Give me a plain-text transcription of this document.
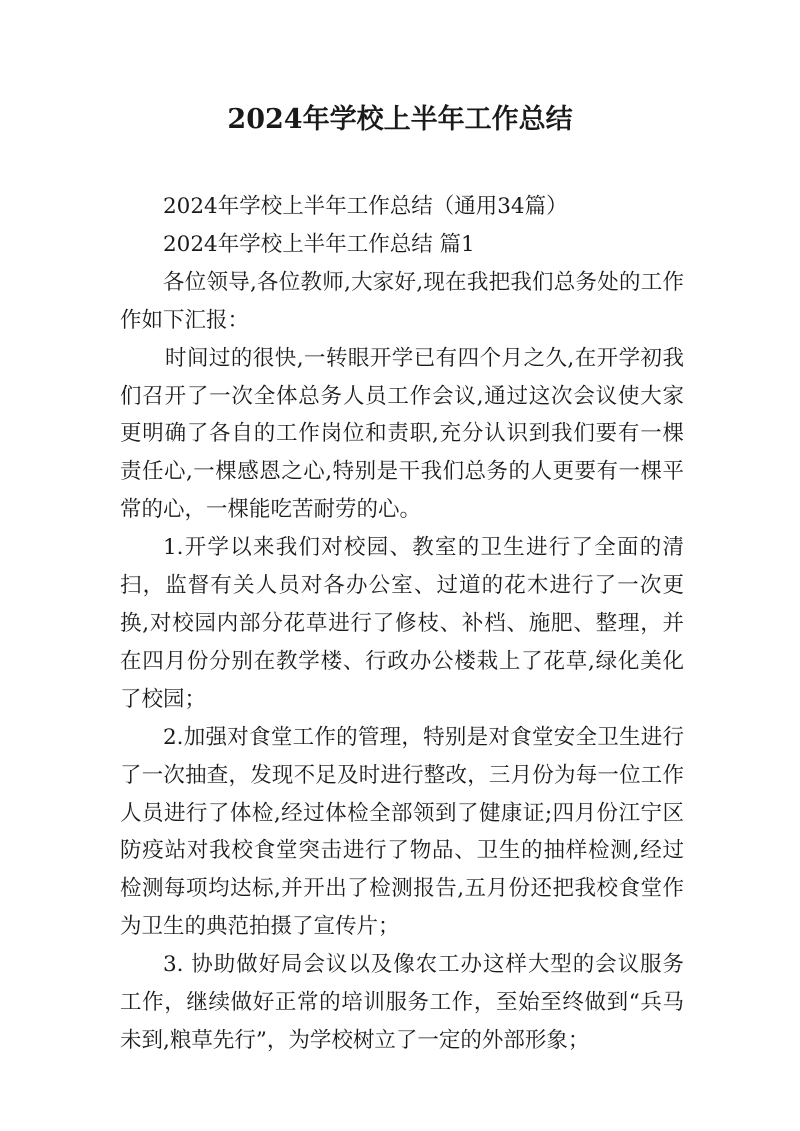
2024年学校上半年工作总结

2024年学校上半年工作总结（通用34篇）

2024年学校上半年工作总结 篇1

各位领导,各位教师,大家好,现在我把我们总务处的工作作如下汇报：

时间过的很快,一转眼开学已有四个月之久,在开学初我们召开了一次全体总务人员工作会议,通过这次会议使大家更明确了各自的工作岗位和责职,充分认识到我们要有一棵责任心,一棵感恩之心,特别是干我们总务的人更要有一棵平常的心，一棵能吃苦耐劳的心。

1.开学以来我们对校园、教室的卫生进行了全面的清扫，监督有关人员对各办公室、过道的花木进行了一次更换,对校园内部分花草进行了修枝、补档、施肥、整理，并在四月份分别在教学楼、行政办公楼栽上了花草,绿化美化了校园；

2.加强对食堂工作的管理，特别是对食堂安全卫生进行了一次抽查，发现不足及时进行整改，三月份为每一位工作人员进行了体检,经过体检全部领到了健康证;四月份江宁区防疫站对我校食堂突击进行了物品、卫生的抽样检测,经过检测每项均达标,并开出了检测报告,五月份还把我校食堂作为卫生的典范拍摄了宣传片；

3. 协助做好局会议以及像农工办这样大型的会议服务工作，继续做好正常的培训服务工作，至始至终做到“兵马未到,粮草先行”，为学校树立了一定的外部形象；
